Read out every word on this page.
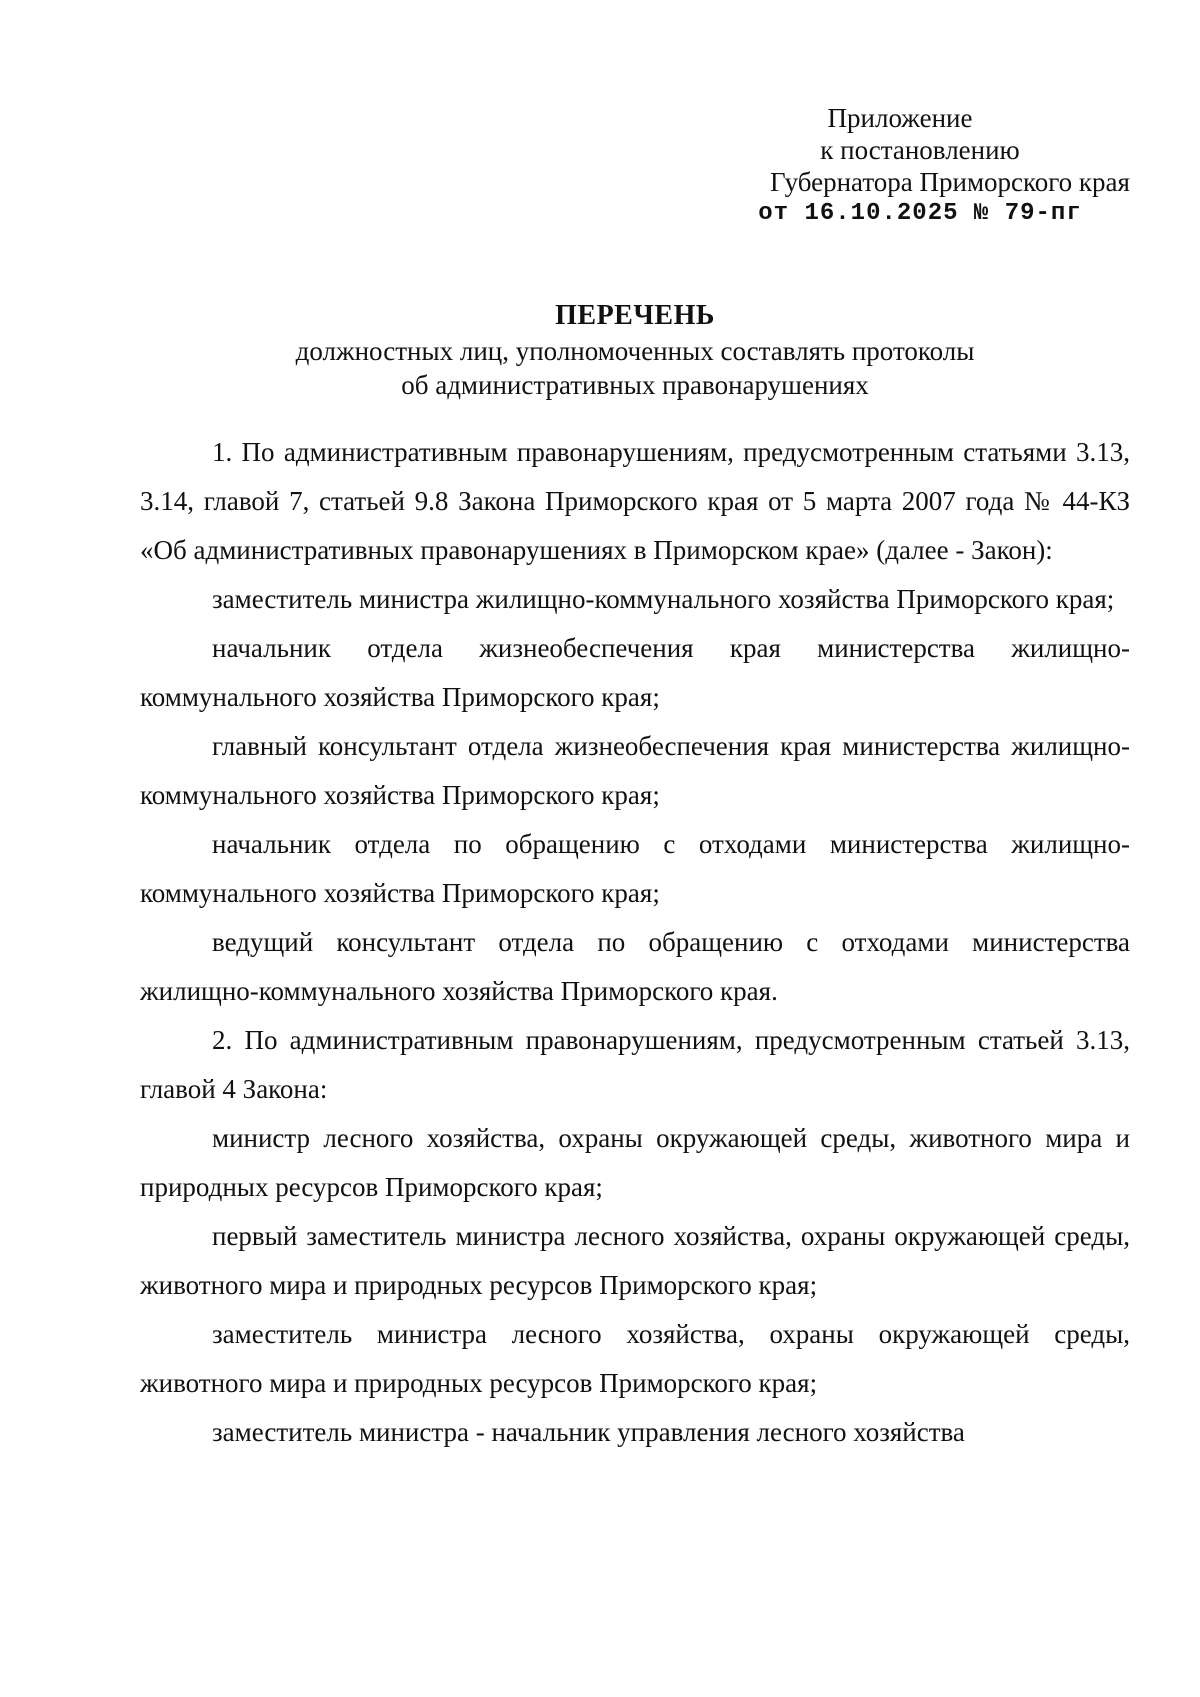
Приложение
к постановлению
Губернатора Приморского края
от 16.10.2025 № 79-пг
ПЕРЕЧЕНЬ
должностных лиц, уполномоченных составлять протоколы
об административных правонарушениях

1. По административным правонарушениям, предусмотренным статьями 3.13, 3.14, главой 7, статьей 9.8 Закона Приморского края от 5 марта 2007 года № 44-КЗ «Об административных правонарушениях в Приморском крае» (далее - Закон):

заместитель министра жилищно-коммунального хозяйства Приморского края;

начальник отдела жизнеобеспечения края министерства жилищно-коммунального хозяйства Приморского края;

главный консультант отдела жизнеобеспечения края министерства жилищно-коммунального хозяйства Приморского края;

начальник отдела по обращению с отходами министерства жилищно-коммунального хозяйства Приморского края;

ведущий консультант отдела по обращению с отходами министерства жилищно-коммунального хозяйства Приморского края.

2. По административным правонарушениям, предусмотренным статьей 3.13, главой 4 Закона:

министр лесного хозяйства, охраны окружающей среды, животного мира и природных ресурсов Приморского края;

первый заместитель министра лесного хозяйства, охраны окружающей среды, животного мира и природных ресурсов Приморского края;

заместитель министра лесного хозяйства, охраны окружающей среды, животного мира и природных ресурсов Приморского края;

заместитель министра - начальник управления лесного хозяйства
